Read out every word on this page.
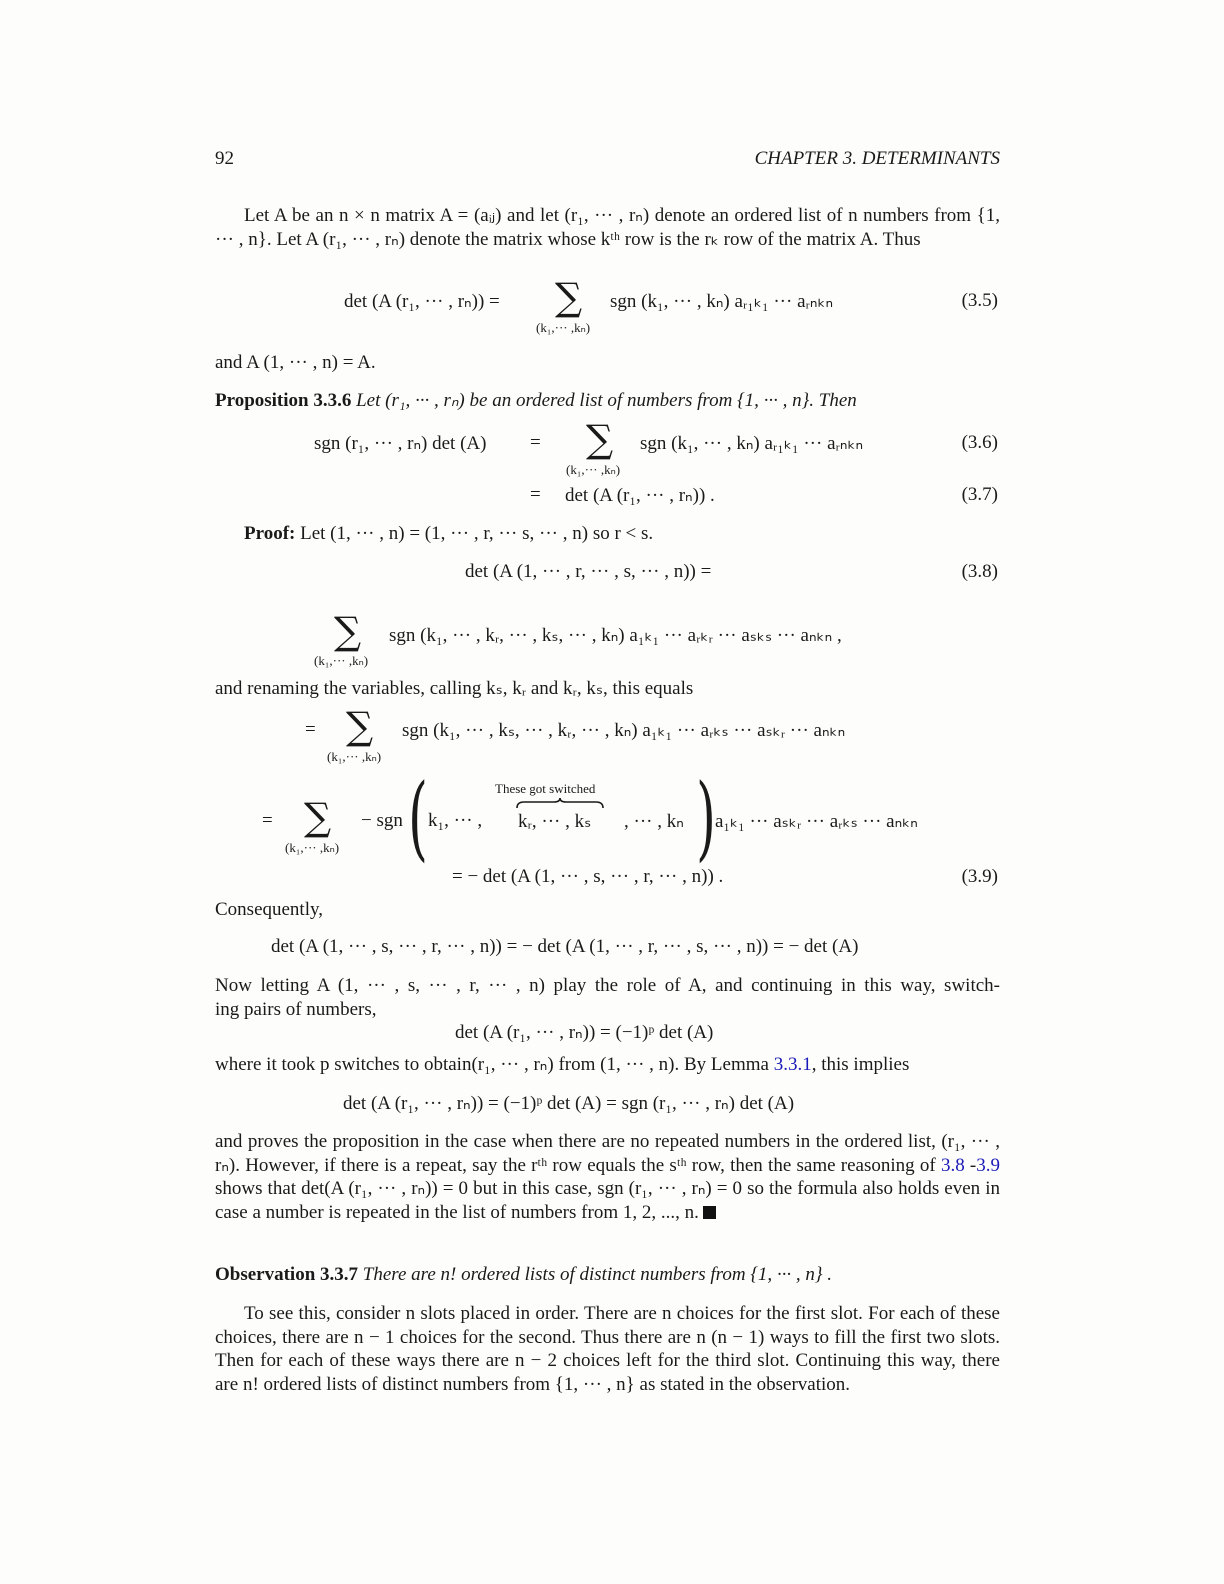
92	CHAPTER 3. DETERMINANTS
Let A be an n × n matrix A = (aᵢⱼ) and let (r₁, ··· , rₙ) denote an ordered list of n numbers from {1, ··· , n}. Let A (r₁, ··· , rₙ) denote the matrix whose kᵗʰ row is the rₖ row of the matrix A. Thus
det (A (r₁, ··· , rₙ)) = ∑
(k₁,··· ,kₙ)
sgn (k₁, ··· , kₙ) aᵣ₁ₖ₁ ··· aᵣₙₖₙ	(3.5)
and A (1, ··· , n) = A.
Proposition 3.3.6 Let (r₁, ··· , rₙ) be an ordered list of numbers from {1, ··· , n}. Then
sgn (r₁, ··· , rₙ) det (A) = ∑
(k₁,··· ,kₙ)
sgn (k₁, ··· , kₙ) aᵣ₁ₖ₁ ··· aᵣₙₖₙ	(3.6)
= det (A (r₁, ··· , rₙ)) .	(3.7)
Proof: Let (1, ··· , n) = (1, ··· , r, ··· s, ··· , n) so r < s.
det (A (1, ··· , r, ··· , s, ··· , n)) =	(3.8)
∑
(k₁,··· ,kₙ)
sgn (k₁, ··· , kᵣ, ··· , kₛ, ··· , kₙ) a₁ₖ₁ ··· aᵣₖᵣ ··· aₛₖₛ ··· aₙₖₙ ,
and renaming the variables, calling kₛ, kᵣ and kᵣ, kₛ, this equals
= ∑
(k₁,··· ,kₙ)
sgn (k₁, ··· , kₛ, ··· , kᵣ, ··· , kₙ) a₁ₖ₁ ··· aᵣₖₛ ··· aₛₖᵣ ··· aₙₖₙ
= ∑
(k₁,··· ,kₙ)
− sgn ( k₁, ··· ,
These got switched
kᵣ, ··· , kₛ , ··· , kₙ ) a₁ₖ₁ ··· aₛₖᵣ ··· aᵣₖₛ ··· aₙₖₙ
= − det (A (1, ··· , s, ··· , r, ··· , n)) .	(3.9)
Consequently,
det (A (1, ··· , s, ··· , r, ··· , n)) = − det (A (1, ··· , r, ··· , s, ··· , n)) = − det (A)
Now letting A (1, ··· , s, ··· , r, ··· , n) play the role of A, and continuing in this way, switch-
ing pairs of numbers,
det (A (r₁, ··· , rₙ)) = (−1)ᵖ det (A)
where it took p switches to obtain(r₁, ··· , rₙ) from (1, ··· , n). By Lemma 3.3.1, this implies
det (A (r₁, ··· , rₙ)) = (−1)ᵖ det (A) = sgn (r₁, ··· , rₙ) det (A)
and proves the proposition in the case when there are no repeated numbers in the ordered list, (r₁, ··· , rₙ). However, if there is a repeat, say the rᵗʰ row equals the sᵗʰ row, then the same reasoning of 3.8 -3.9 shows that det(A (r₁, ··· , rₙ)) = 0 but in this case, sgn (r₁, ··· , rₙ) = 0 so the formula also holds even in case a number is repeated in the list of numbers from 1, 2, ..., n.
Observation 3.3.7 There are n! ordered lists of distinct numbers from {1, ··· , n} .
To see this, consider n slots placed in order. There are n choices for the first slot. For each of these choices, there are n − 1 choices for the second. Thus there are n (n − 1) ways to fill the first two slots. Then for each of these ways there are n − 2 choices left for the third slot. Continuing this way, there are n! ordered lists of distinct numbers from {1, ··· , n} as stated in the observation.
